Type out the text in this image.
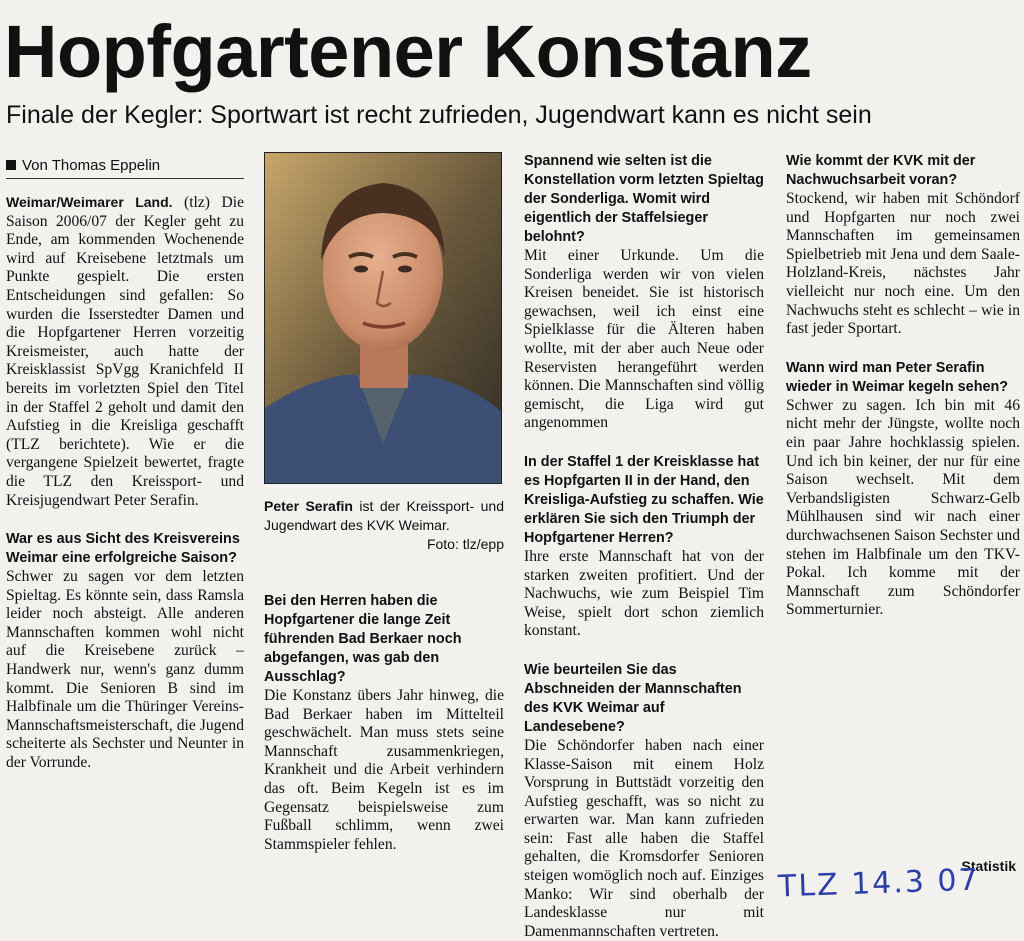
Hopfgartener Konstanz
Finale der Kegler: Sportwart ist recht zufrieden, Jugendwart kann es nicht sein
Von Thomas Eppelin

Weimar/Weimarer Land. (tlz) Die Saison 2006/07 der Kegler geht zu Ende, am kommenden Wochenende wird auf Kreisebene letztmals um Punkte gespielt. Die ersten Entscheidungen sind gefallen: So wurden die Isserstedter Damen und die Hopfgartener Herren vorzeitig Kreismeister, auch hatte der Kreisklassist SpVgg Kranichfeld II bereits im vorletzten Spiel den Titel in der Staffel 2 geholt und damit den Aufstieg in die Kreisliga geschafft (TLZ berichtete). Wie er die vergangene Spielzeit bewertet, fragte die TLZ den Kreissport- und Kreisjugendwart Peter Serafin.

War es aus Sicht des Kreisvereins Weimar eine erfolgreiche Saison?

Schwer zu sagen vor dem letzten Spieltag. Es könnte sein, dass Ramsla leider noch absteigt. Alle anderen Mannschaften kommen wohl nicht auf die Kreisebene zurück – Handwerk nur, wenn's ganz dumm kommt. Die Senioren B sind im Halbfinale um die Thüringer Vereins-Mannschaftsmeisterschaft, die Jugend scheiterte als Sechster und Neunter in der Vorrunde.

Peter Serafin ist der Kreissport- und Jugendwart des KVK Weimar.
Foto: tlz/epp

Bei den Herren haben die Hopfgartener die lange Zeit führenden Bad Berkaer noch abgefangen, was gab den Ausschlag?

Die Konstanz übers Jahr hinweg, die Bad Berkaer haben im Mittelteil geschwächelt. Man muss stets seine Mannschaft zusammenkriegen, Krankheit und die Arbeit verhindern das oft. Beim Kegeln ist es im Gegensatz beispielsweise zum Fußball schlimm, wenn zwei Stammspieler fehlen.

Spannend wie selten ist die Konstellation vorm letzten Spieltag der Sonderliga. Womit wird eigentlich der Staffelsieger belohnt?

Mit einer Urkunde. Um die Sonderliga werden wir von vielen Kreisen beneidet. Sie ist historisch gewachsen, weil ich einst eine Spielklasse für die Älteren haben wollte, mit der aber auch Neue oder Reservisten herangeführt werden können. Die Mannschaften sind völlig gemischt, die Liga wird gut angenommen

In der Staffel 1 der Kreisklasse hat es Hopfgarten II in der Hand, den Kreisliga-Aufstieg zu schaffen. Wie erklären Sie sich den Triumph der Hopfgartener Herren?

Ihre erste Mannschaft hat von der starken zweiten profitiert. Und der Nachwuchs, wie zum Beispiel Tim Weise, spielt dort schon ziemlich konstant.

Wie beurteilen Sie das Abschneiden der Mannschaften des KVK Weimar auf Landesebene?

Die Schöndorfer haben nach einer Klasse-Saison mit einem Holz Vorsprung in Buttstädt vorzeitig den Aufstieg geschafft, was so nicht zu erwarten war. Man kann zufrieden sein: Fast alle haben die Staffel gehalten, die Kromsdorfer Senioren steigen womöglich noch auf. Einziges Manko: Wir sind oberhalb der Landesklasse nur mit Damenmannschaften vertreten.

Wie kommt der KVK mit der Nachwuchsarbeit voran?

Stockend, wir haben mit Schöndorf und Hopfgarten nur noch zwei Mannschaften im gemeinsamen Spielbetrieb mit Jena und dem Saale-Holzland-Kreis, nächstes Jahr vielleicht nur noch eine. Um den Nachwuchs steht es schlecht – wie in fast jeder Sportart.

Wann wird man Peter Serafin wieder in Weimar kegeln sehen?

Schwer zu sagen. Ich bin mit 46 nicht mehr der Jüngste, wollte noch ein paar Jahre hochklassig spielen. Und ich bin keiner, der nur für eine Saison wechselt. Mit dem Verbandsligisten Schwarz-Gelb Mühlhausen sind wir nach einer durchwachsenen Saison Sechster und stehen im Halbfinale um den TKV-Pokal. Ich komme mit der Mannschaft zum Schöndorfer Sommerturnier.

Statistik
TLZ 14.3 07
